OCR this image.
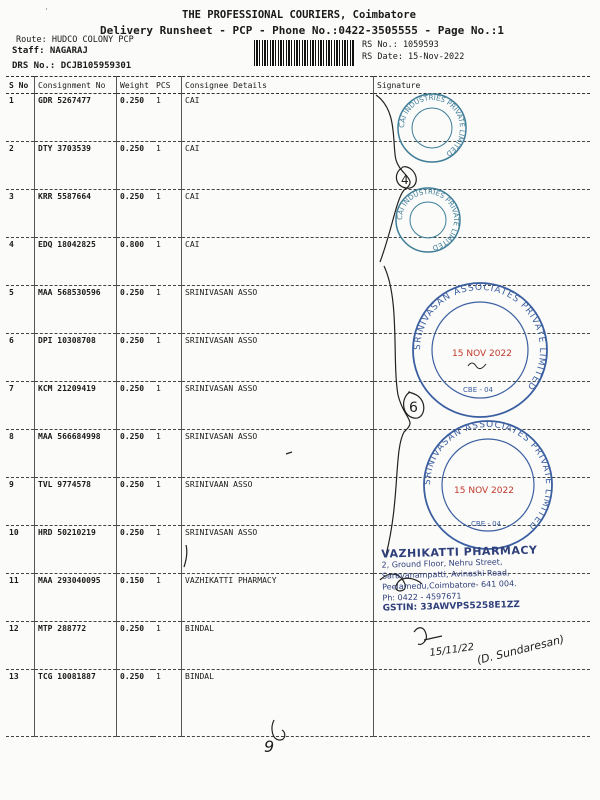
THE PROFESSIONAL COURIERS, Coimbatore
Delivery Runsheet - PCP - Phone No.:0422-3505555 - Page No.:1
Route: HUDCO COLONY PCP
Staff: NAGARAJ
DRS No.: DCJB105959301
RS No.: 1059593
RS Date: 15-Nov-2022
S No	Consignment No	Weight	PCS	Consignee Details	Signature
1	GDR 5267477	0.250	1	CAI	
2	DTY 3703539	0.250	1	CAI	
3	KRR 5587664	0.250	1	CAI	
4	EDQ 18042825	0.800	1	CAI	
5	MAA 568530596	0.250	1	SRINIVASAN ASSO	
6	DPI 10308708	0.250	1	SRINIVASAN ASSO	
7	KCM 21209419	0.250	1	SRINIVASAN ASSO	
8	MAA 566684998	0.250	1	SRINIVASAN ASSO	
9	TVL 9774578	0.250	1	SRINIVAAN ASSO	
10	HRD 50210219	0.250	1	SRINIVASAN ASSO	
11	MAA 293040095	0.150	1	VAZHIKATTI PHARMACY	
12	MTP 288772	0.250	1	BINDAL	
13	TCG 10081887	0.250	1	BINDAL	
CAI INDUSTRIES PRIVATE LIMITED
CAI INDUSTRIES PRIVATE LIMITED
SRINIVASAN ASSOCIATES PRIVATE LIMITED
CBE - 04
15 NOV 2022
SRINIVASAN ASSOCIATES PRIVATE LIMITED
CBE - 04
15 NOV 2022
4
6
15/11/22 (D. Sundaresan)
9
˙
VAZHIKATTI PHARMACY
2, Ground Floor, Nehru Street,
Saravanampatti, Avinashi Road,
Peelamedu,Coimbatore- 641 004.
Ph: 0422 - 4597671
GSTIN: 33AWVPS5258E1ZZ
